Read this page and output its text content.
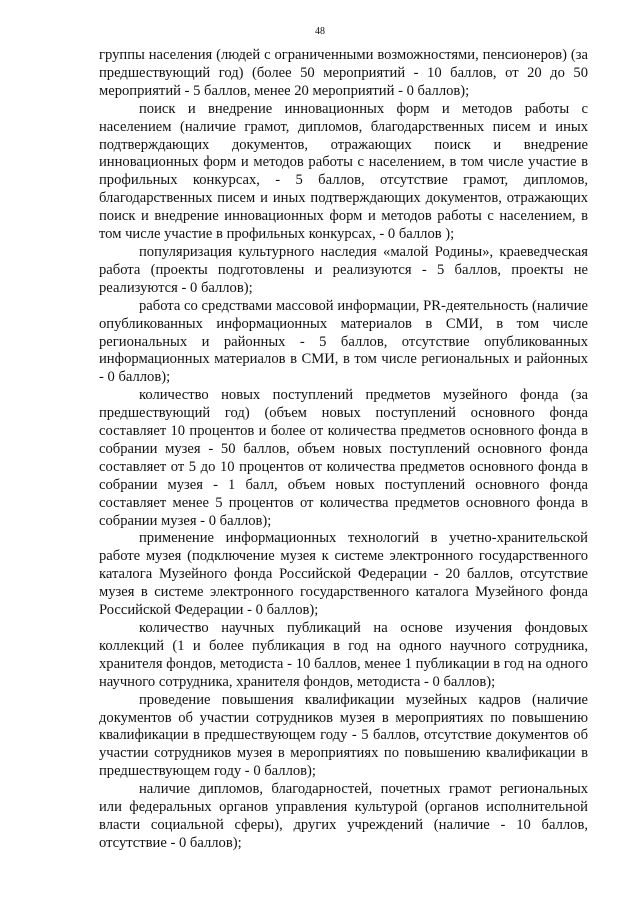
48

группы населения (людей с ограниченными возможностями, пенсионеров) (за предшествующий год) (более 50 мероприятий - 10 баллов, от 20 до 50 мероприятий - 5 баллов, менее 20 мероприятий - 0 баллов);

поиск и внедрение инновационных форм и методов работы с населением (наличие грамот, дипломов, благодарственных писем и иных подтверждающих документов, отражающих поиск и внедрение инновационных форм и методов работы с населением, в том числе участие в профильных конкурсах, - 5 баллов, отсутствие грамот, дипломов, благодарственных писем и иных подтверждающих документов, отражающих поиск и внедрение инновационных форм и методов работы с населением, в том числе участие в профильных конкурсах, - 0 баллов );

популяризация культурного наследия «малой Родины», краеведческая работа (проекты подготовлены и реализуются - 5 баллов, проекты не реализуются - 0 баллов);

работа со средствами массовой информации, PR-деятельность (наличие опубликованных информационных материалов в СМИ, в том числе региональных и районных - 5 баллов, отсутствие опубликованных информационных материалов в СМИ, в том числе региональных и районных - 0 баллов);

количество новых поступлений предметов музейного фонда (за предшествующий год) (объем новых поступлений основного фонда составляет 10 процентов и более от количества предметов основного фонда в собрании музея - 50 баллов, объем новых поступлений основного фонда составляет от 5 до 10 процентов от количества предметов основного фонда в собрании музея - 1 балл, объем новых поступлений основного фонда составляет менее 5 процентов от количества предметов основного фонда в собрании музея - 0 баллов);

применение информационных технологий в учетно-хранительской работе музея (подключение музея к системе электронного государственного каталога Музейного фонда Российской Федерации - 20 баллов, отсутствие музея в системе электронного государственного каталога Музейного фонда Российской Федерации - 0 баллов);

количество научных публикаций на основе изучения фондовых коллекций (1 и более публикация в год на одного научного сотрудника, хранителя фондов, методиста - 10 баллов, менее 1 публикации в год на одного научного сотрудника, хранителя фондов, методиста - 0 баллов);

проведение повышения квалификации музейных кадров (наличие документов об участии сотрудников музея в мероприятиях по повышению квалификации в предшествующем году - 5 баллов, отсутствие документов об участии сотрудников музея в мероприятиях по повышению квалификации в предшествующем году - 0 баллов);

наличие дипломов, благодарностей, почетных грамот региональных или федеральных органов управления культурой (органов исполнительной власти социальной сферы), других учреждений (наличие - 10 баллов, отсутствие - 0 баллов);
